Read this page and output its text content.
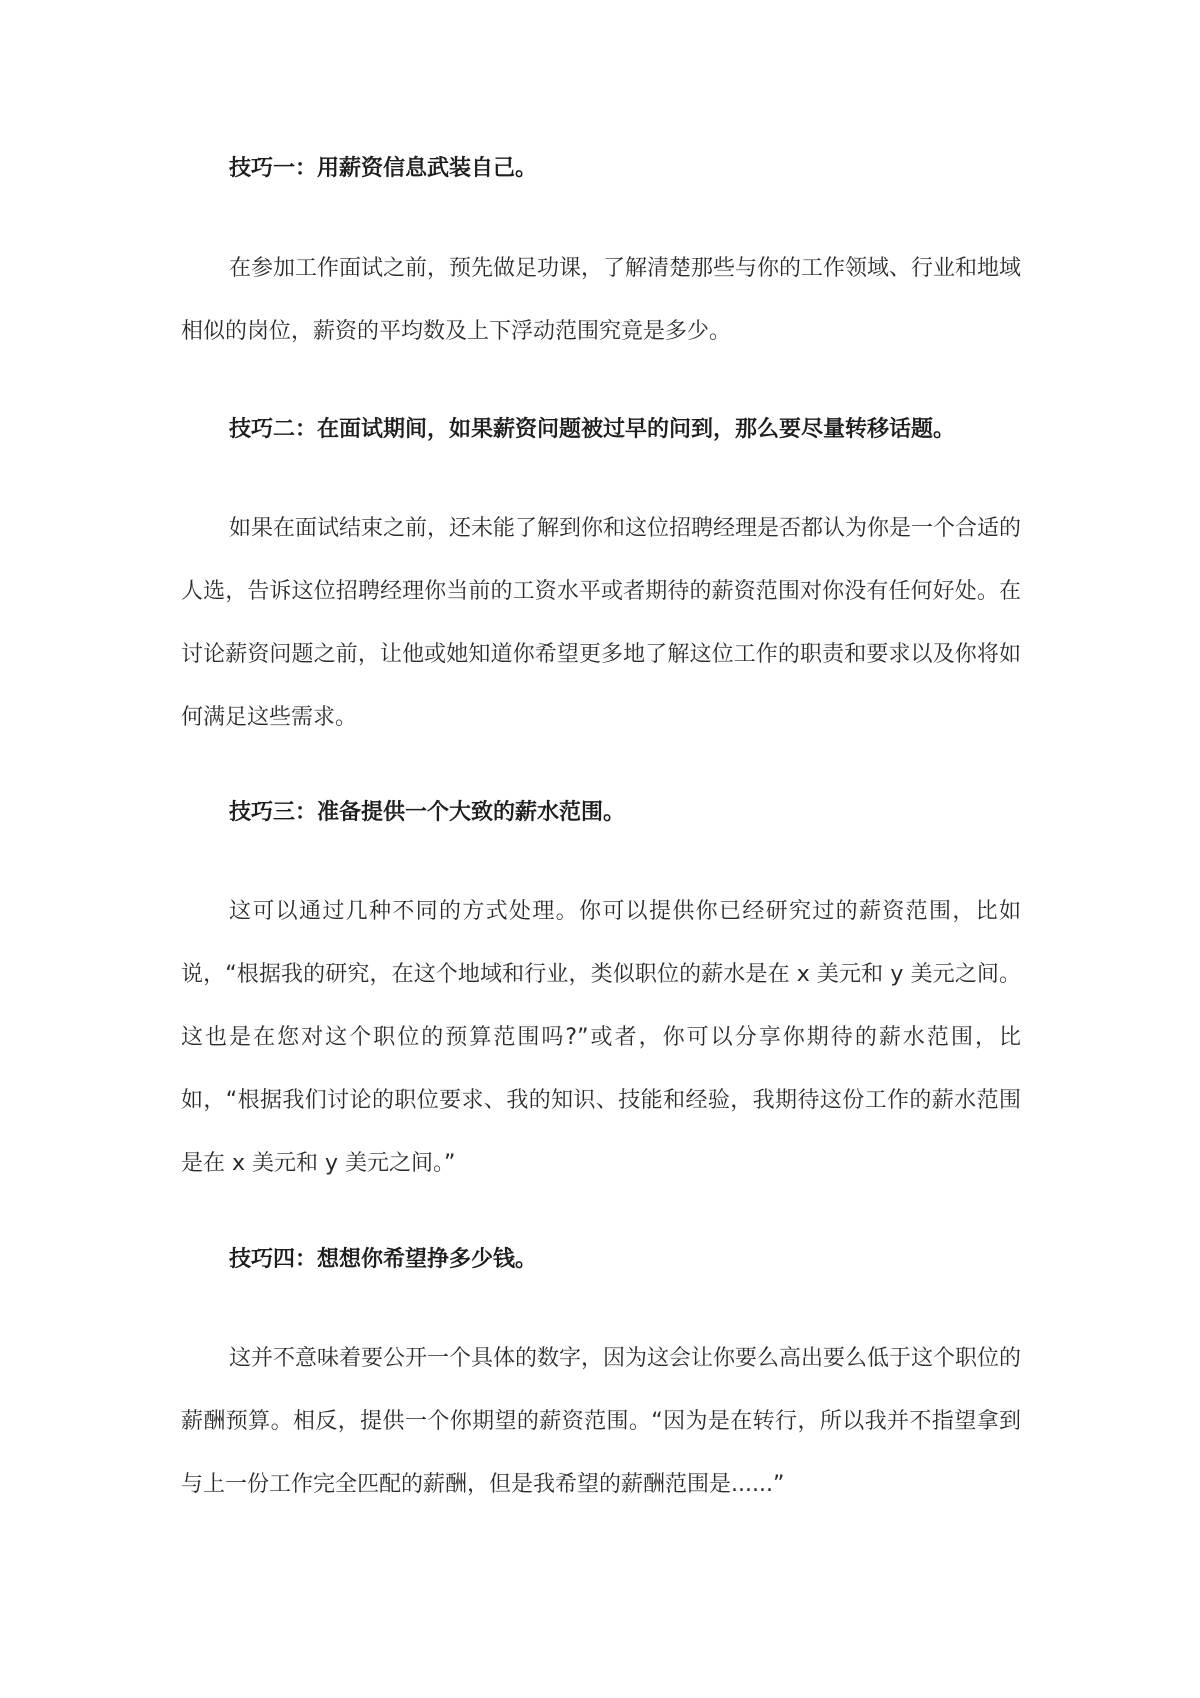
技巧一：用薪资信息武装自己。

在参加工作面试之前，预先做足功课，了解清楚那些与你的工作领域、行业和地域相似的岗位，薪资的平均数及上下浮动范围究竟是多少。

技巧二：在面试期间，如果薪资问题被过早的问到，那么要尽量转移话题。

如果在面试结束之前，还未能了解到你和这位招聘经理是否都认为你是一个合适的人选，告诉这位招聘经理你当前的工资水平或者期待的薪资范围对你没有任何好处。在讨论薪资问题之前，让他或她知道你希望更多地了解这位工作的职责和要求以及你将如何满足这些需求。

技巧三：准备提供一个大致的薪水范围。

这可以通过几种不同的方式处理。你可以提供你已经研究过的薪资范围，比如说，“根据我的研究，在这个地域和行业，类似职位的薪水是在 x 美元和 y 美元之间。这也是在您对这个职位的预算范围吗?”或者，你可以分享你期待的薪水范围，比如，“根据我们讨论的职位要求、我的知识、技能和经验，我期待这份工作的薪水范围是在 x 美元和 y 美元之间。”

技巧四：想想你希望挣多少钱。

这并不意味着要公开一个具体的数字，因为这会让你要么高出要么低于这个职位的薪酬预算。相反，提供一个你期望的薪资范围。“因为是在转行，所以我并不指望拿到与上一份工作完全匹配的薪酬，但是我希望的薪酬范围是......”
